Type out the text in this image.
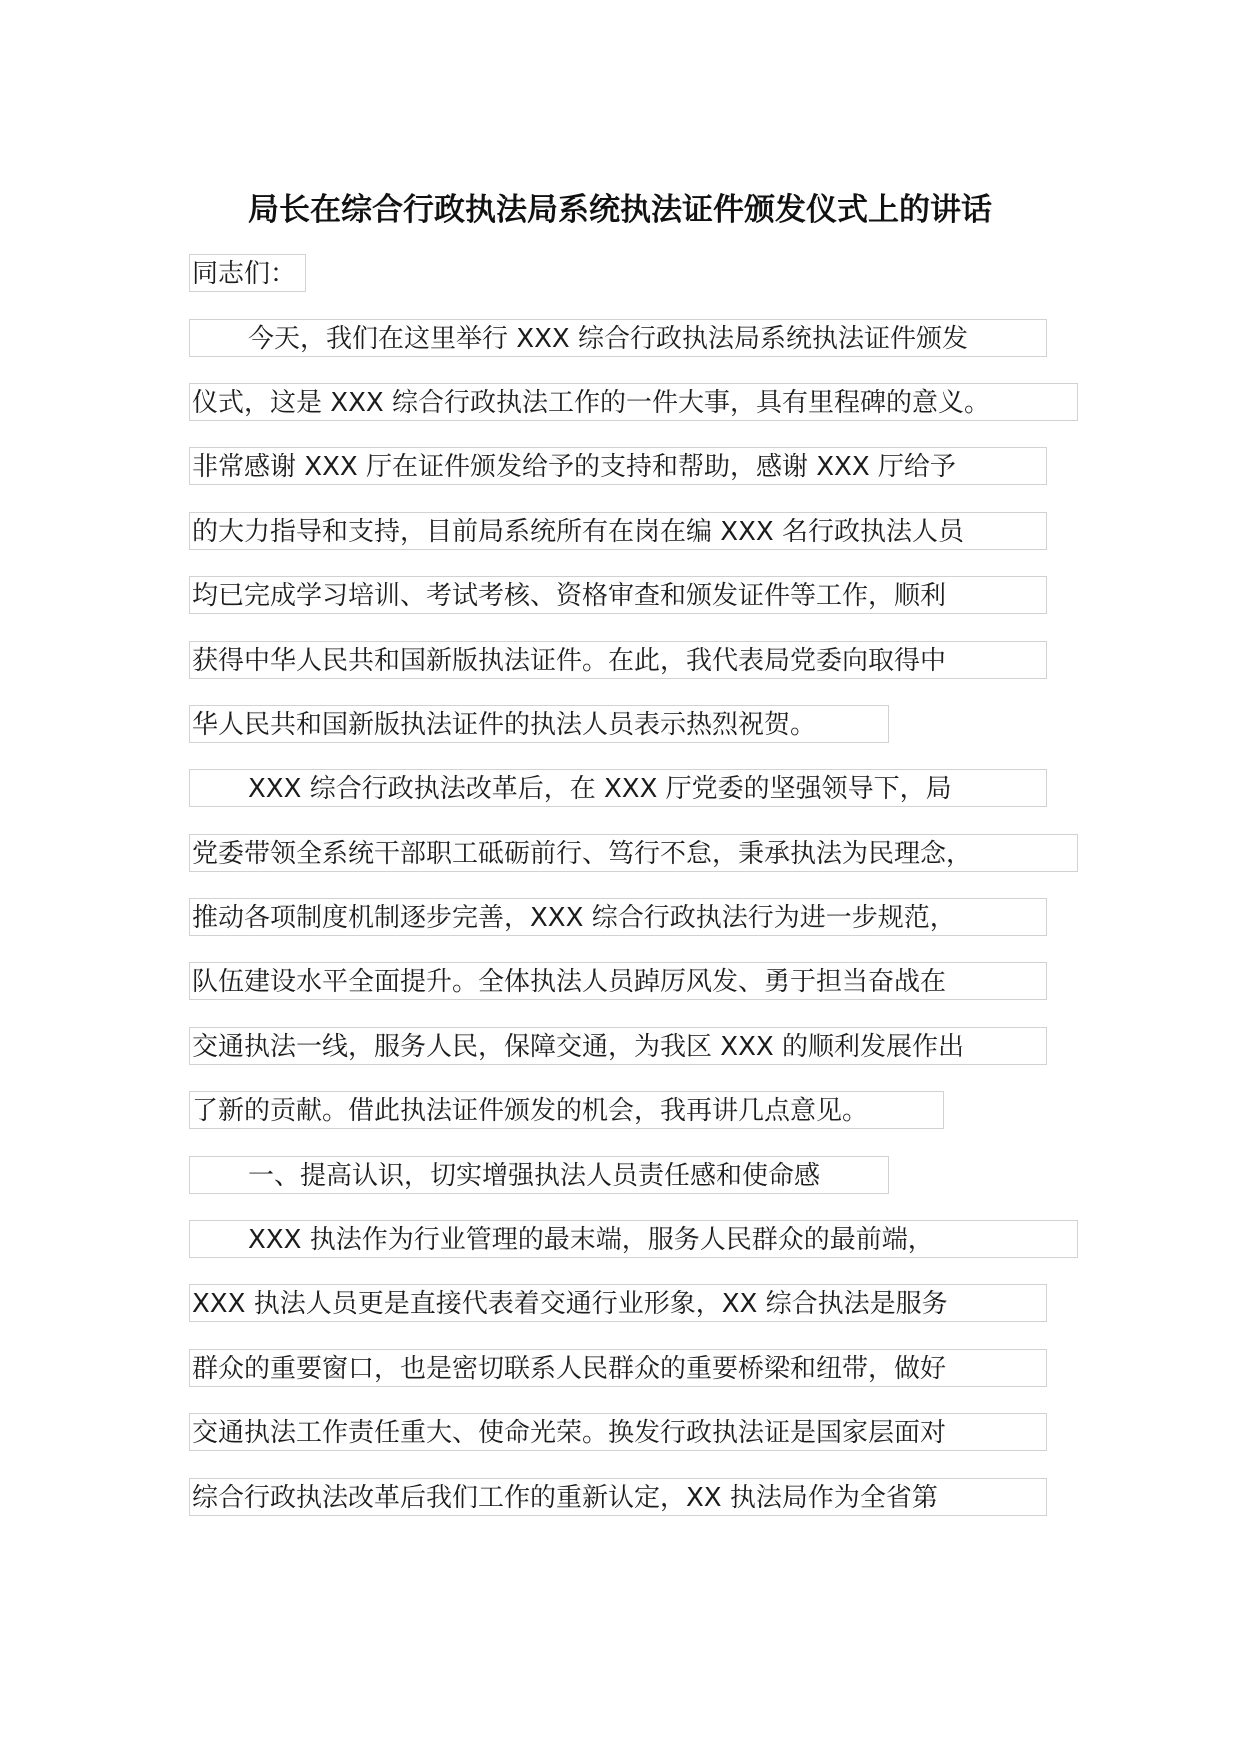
局长在综合行政执法局系统执法证件颁发仪式上的讲话
同志们：
今天，我们在这里举行 XXX 综合行政执法局系统执法证件颁发
仪式，这是 XXX 综合行政执法工作的一件大事，具有里程碑的意义。
非常感谢 XXX 厅在证件颁发给予的支持和帮助，感谢 XXX 厅给予
的大力指导和支持，目前局系统所有在岗在编 XXX 名行政执法人员
均已完成学习培训、考试考核、资格审查和颁发证件等工作，顺利
获得中华人民共和国新版执法证件。在此，我代表局党委向取得中
华人民共和国新版执法证件的执法人员表示热烈祝贺。
XXX 综合行政执法改革后，在 XXX 厅党委的坚强领导下，局
党委带领全系统干部职工砥砺前行、笃行不怠，秉承执法为民理念，
推动各项制度机制逐步完善，XXX 综合行政执法行为进一步规范，
队伍建设水平全面提升。全体执法人员踔厉风发、勇于担当奋战在
交通执法一线，服务人民，保障交通，为我区 XXX 的顺利发展作出
了新的贡献。借此执法证件颁发的机会，我再讲几点意见。
一、提高认识，切实增强执法人员责任感和使命感
XXX 执法作为行业管理的最末端，服务人民群众的最前端，
XXX 执法人员更是直接代表着交通行业形象，XX 综合执法是服务
群众的重要窗口，也是密切联系人民群众的重要桥梁和纽带，做好
交通执法工作责任重大、使命光荣。换发行政执法证是国家层面对
综合行政执法改革后我们工作的重新认定，XX 执法局作为全省第
